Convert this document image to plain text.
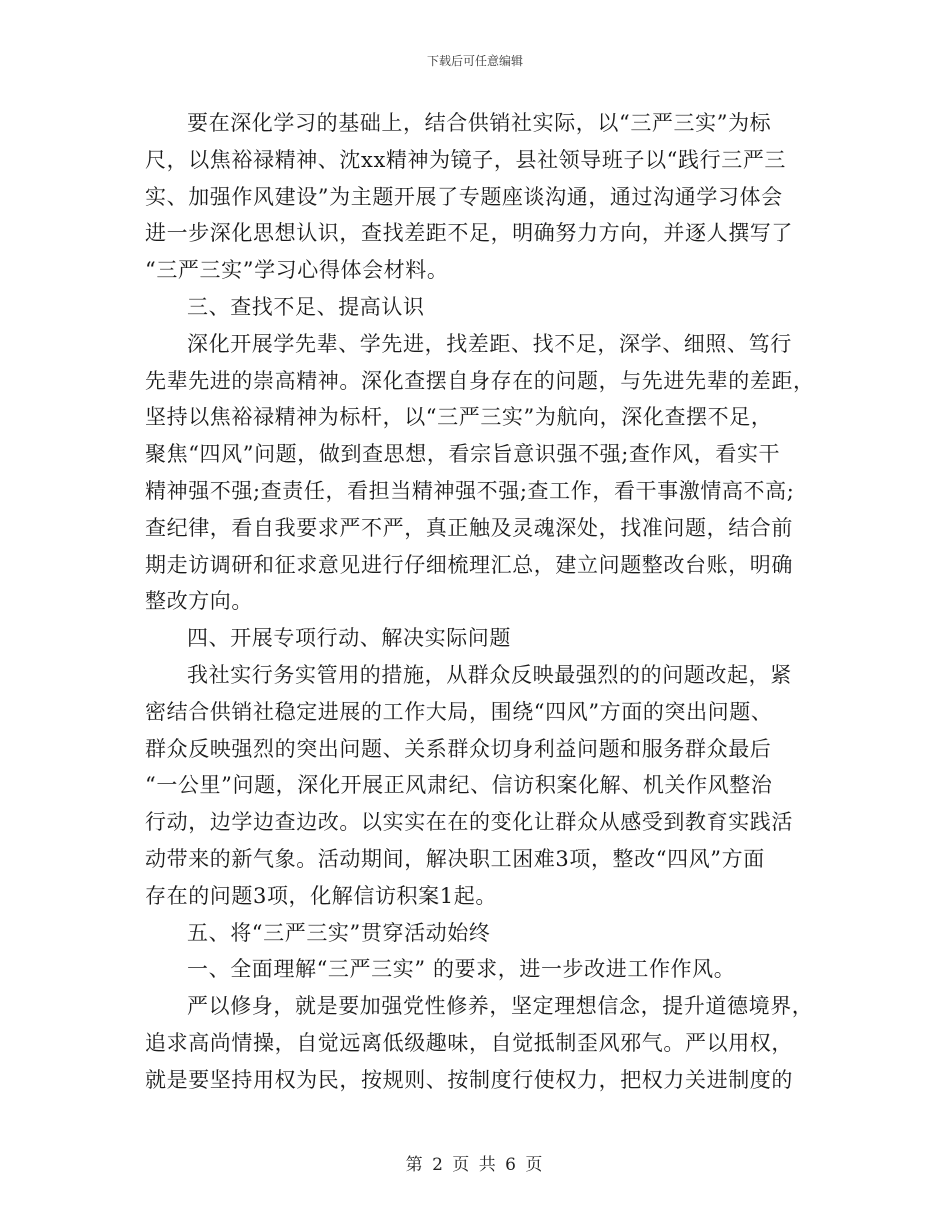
下载后可任意编辑
要在深化学习的基础上，结合供销社实际，以“三严三实”为标
尺，以焦裕禄精神、沈xx精神为镜子，县社领导班子以“践行三严三
实、加强作风建设”为主题开展了专题座谈沟通，通过沟通学习体会
进一步深化思想认识，查找差距不足，明确努力方向，并逐人撰写了
“三严三实”学习心得体会材料。
三、查找不足、提高认识
深化开展学先辈、学先进，找差距、找不足，深学、细照、笃行
先辈先进的崇高精神。深化查摆自身存在的问题，与先进先辈的差距，
坚持以焦裕禄精神为标杆，以“三严三实”为航向，深化查摆不足，
聚焦“四风”问题，做到查思想，看宗旨意识强不强;查作风，看实干
精神强不强;查责任，看担当精神强不强;查工作，看干事激情高不高;
查纪律，看自我要求严不严，真正触及灵魂深处，找准问题，结合前
期走访调研和征求意见进行仔细梳理汇总，建立问题整改台账，明确
整改方向。
四、开展专项行动、解决实际问题
我社实行务实管用的措施，从群众反映最强烈的的问题改起，紧
密结合供销社稳定进展的工作大局，围绕“四风”方面的突出问题、
群众反映强烈的突出问题、关系群众切身利益问题和服务群众最后
“一公里”问题，深化开展正风肃纪、信访积案化解、机关作风整治
行动，边学边查边改。以实实在在的变化让群众从感受到教育实践活
动带来的新气象。活动期间，解决职工困难3项，整改“四风”方面
存在的问题3项，化解信访积案1起。
五、将“三严三实”贯穿活动始终
一、全面理解“三严三实” 的要求，进一步改进工作作风。
严以修身，就是要加强党性修养，坚定理想信念，提升道德境界，
追求高尚情操，自觉远离低级趣味，自觉抵制歪风邪气。严以用权，
就是要坚持用权为民，按规则、按制度行使权力，把权力关进制度的
第 2 页 共 6 页
